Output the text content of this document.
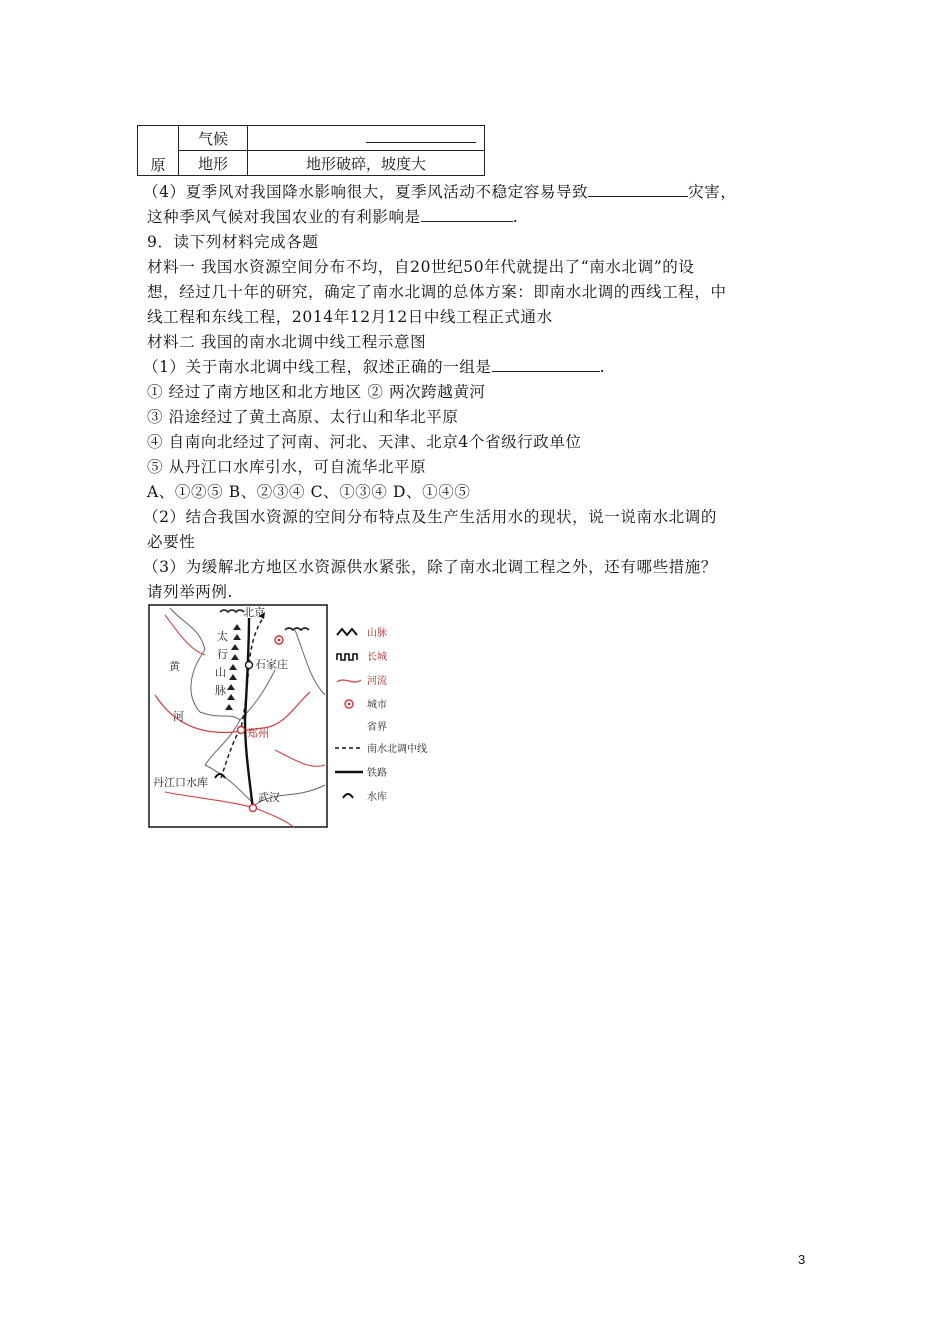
原	气候	
	地形	地形破碎，坡度大
（4）夏季风对我国降水影响很大，夏季风活动不稳定容易导致	灾害，
这种季风气候对我国农业的有利影响是	.
9．读下列材料完成各题
材料一 我国水资源空间分布不均，自20世纪50年代就提出了“南水北调”的设
想，经过几十年的研究，确定了南水北调的总体方案：即南水北调的西线工程，中
线工程和东线工程，2014年12月12日中线工程正式通水
材料二 我国的南水北调中线工程示意图
（1）关于南水北调中线工程，叙述正确的一组是	.
① 经过了南方地区和北方地区 ② 两次跨越黄河
③ 沿途经过了黄土高原、太行山和华北平原
④ 自南向北经过了河南、河北、天津、北京4个省级行政单位
⑤ 从丹江口水库引水，可自流华北平原
A、①②⑤ B、②③④ C、①③④ D、①④⑤
（2）结合我国水资源的空间分布特点及生产生活用水的现状，说一说南水北调的
必要性
（3）为缓解北方地区水资源供水紧张，除了南水北调工程之外，还有哪些措施？
请列举两例.
北京
石家庄
郑州
武汉
丹江口水库
太
行
山
脉
黄
河
山脉
长城
河流
城市
省界
南水北调中线
铁路
水库
3
